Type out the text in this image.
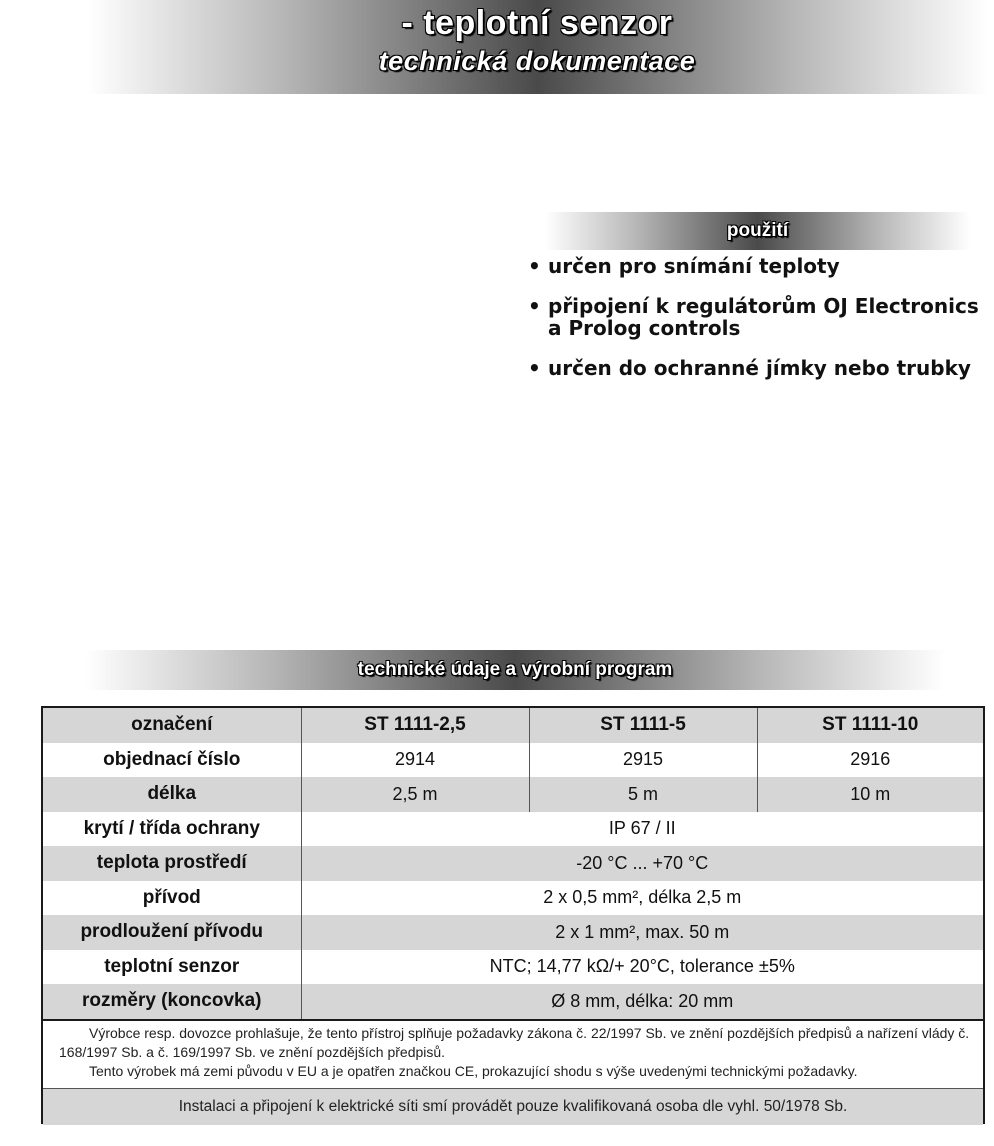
- teplotní senzor
technická dokumentace
použití
• určen pro snímání teploty
• připojení k regulátorům OJ Electronics a Prolog controls
• určen do ochranné jímky nebo trubky
technické údaje a výrobní program
označení	ST 1111-2,5	ST 1111-5	ST 1111-10
objednací číslo	2914	2915	2916
délka	2,5 m	5 m	10 m
krytí / třída ochrany	IP 67 / II		
teplota prostředí	-20 °C ... +70 °C		
přívod	2 x 0,5 mm², délka 2,5 m		
prodloužení přívodu	2 x 1 mm², max. 50 m		
teplotní senzor	NTC; 14,77 kΩ/+ 20°C, tolerance ±5%		
rozměry (koncovka)	Ø 8 mm, délka: 20 mm		

Výrobce resp. dovozce prohlašuje, že tento přístroj splňuje požadavky zákona č. 22/1997 Sb. ve znění pozdějších předpisů a nařízení vlády č. 168/1997 Sb. a č. 169/1997 Sb. ve znění pozdějších předpisů.

Tento výrobek má zemi původu v EU a je opatřen značkou CE, prokazující shodu s výše uvedenými technickými požadavky.

Instalaci a připojení k elektrické síti smí provádět pouze kvalifikovaná osoba dle vyhl. 50/1978 Sb.
